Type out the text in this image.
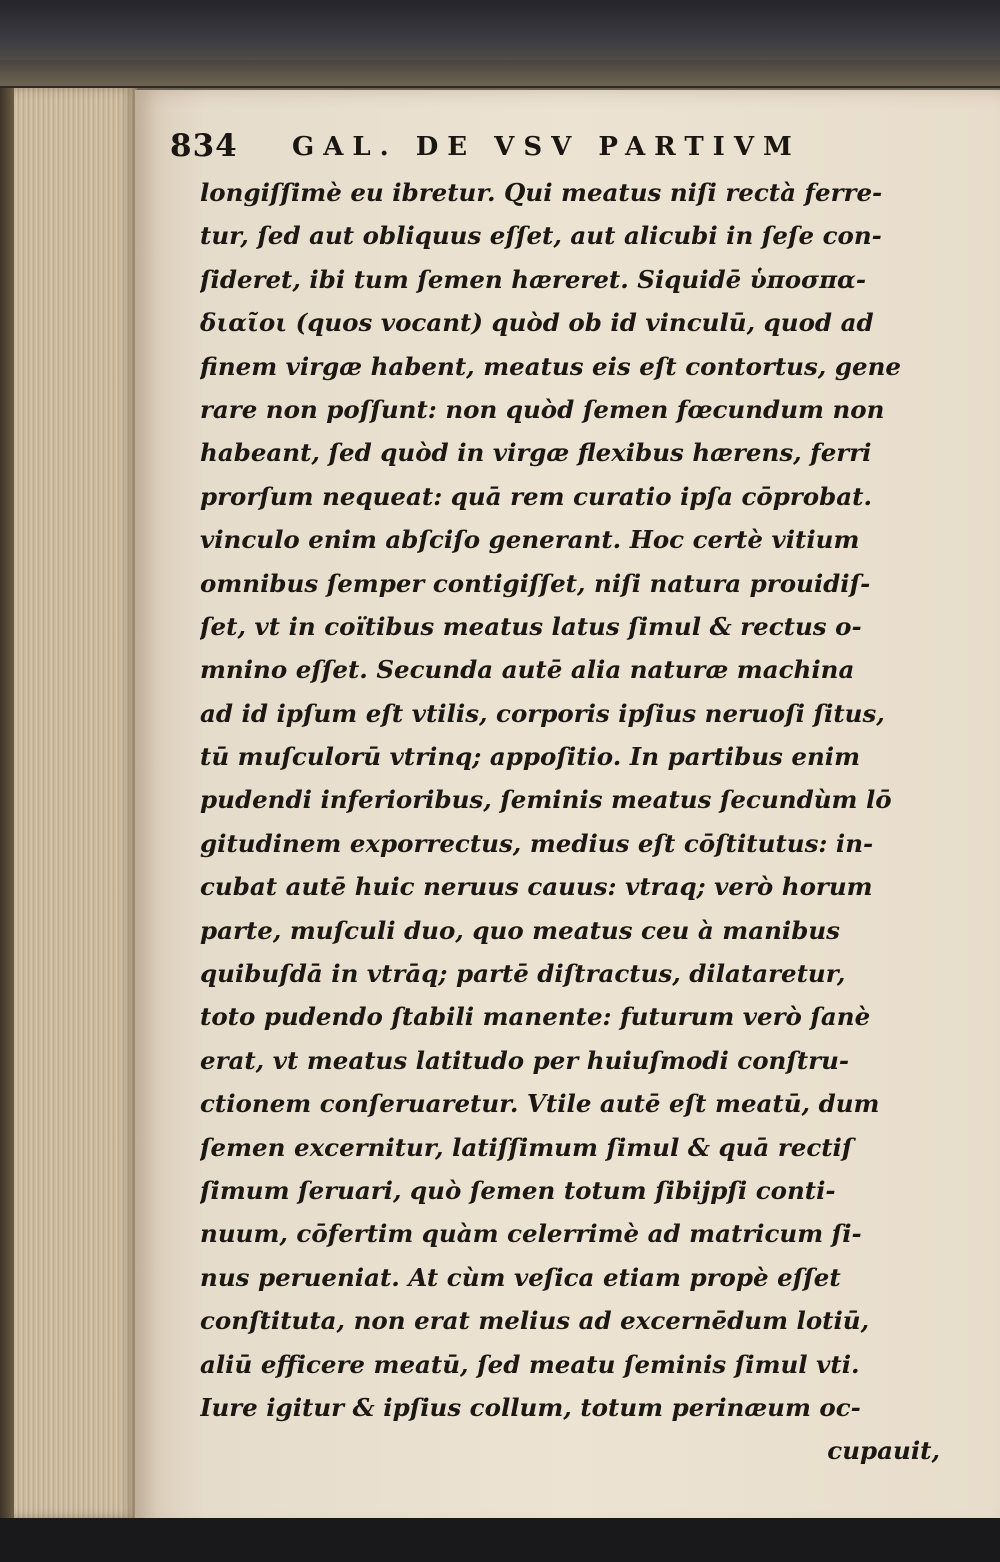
834 GAL. DE VSV PARTIVM
longiſſimè eu ibretur. Qui meatus niſi rectà ferre-
tur, ſed aut obliquus eſſet, aut alicubi in ſeſe con-
ſideret, ibi tum ſemen hæreret. Siquidē ὑποσπα-
διαῖοι (quos vocant) quòd ob id vinculū, quod ad
finem virgæ habent, meatus eis eſt contortus, gene
rare non poſſunt: non quòd ſemen fœcundum non
habeant, ſed quòd in virgæ flexibus hærens, ferri
prorſum nequeat: quā rem curatio ipſa cōprobat.
vinculo enim abſciſo generant. Hoc certè vitium
omnibus ſemper contigiſſet, niſi natura prouidiſ-
ſet, vt in coïtibus meatus latus ſimul & rectus o-
mnino eſſet. Secunda autē alia naturæ machina
ad id ipſum eſt vtilis, corporis ipſius neruoſi ſitus,
tū muſculorū vtrinq; appoſitio. In partibus enim
pudendi inferioribus, ſeminis meatus ſecundùm lō
gitudinem exporrectus, medius eſt cōſtitutus: in-
cubat autē huic neruus cauus: vtraq; verò horum
parte, muſculi duo, quo meatus ceu à manibus
quibuſdā in vtrāq; partē diſtractus, dilataretur,
toto pudendo ſtabili manente: futurum verò ſanè
erat, vt meatus latitudo per huiuſmodi conſtru-
ctionem conſeruaretur. Vtile autē eſt meatū, dum
ſemen excernitur, latiſſimum ſimul & quā rectiſ
ſimum ſeruari, quò ſemen totum ſibijpſi conti-
nuum, cōfertim quàm celerrimè ad matricum ſi-
nus perueniat. At cùm veſica etiam propè eſſet
conſtituta, non erat melius ad excernēdum lotiū,
aliū efficere meatū, ſed meatu ſeminis ſimul vti.
Iure igitur & ipſius collum, totum perinæum oc-
cupauit,
